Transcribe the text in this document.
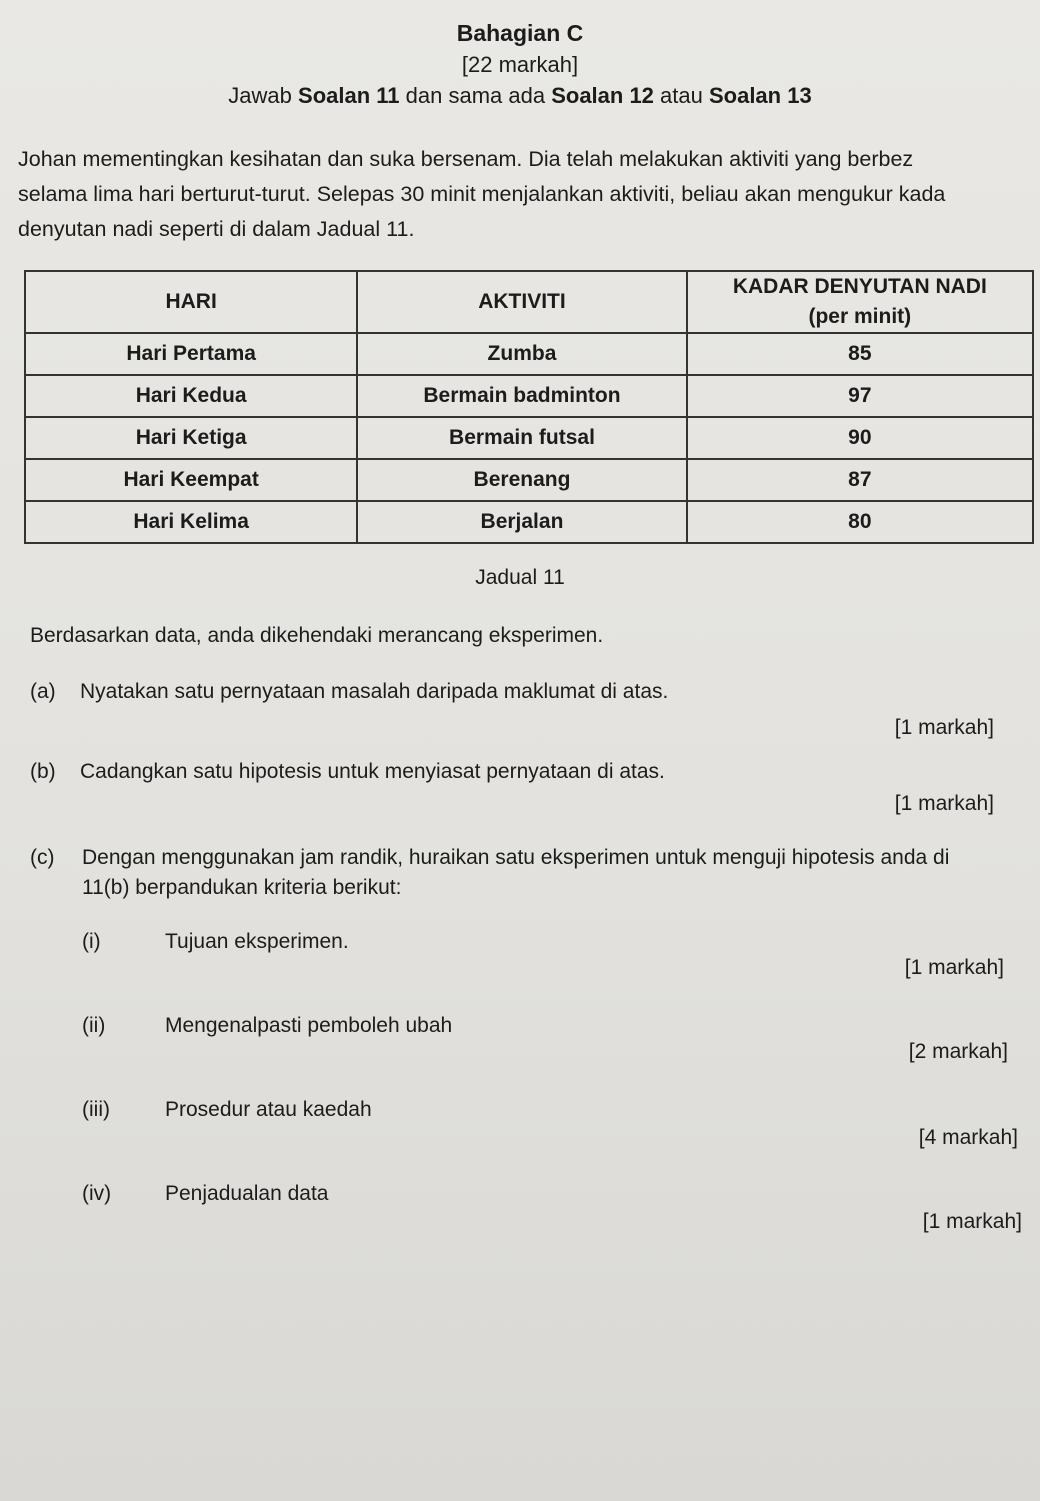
Bahagian C
[22 markah]
Jawab Soalan 11 dan sama ada Soalan 12 atau Soalan 13
Johan mementingkan kesihatan dan suka bersenam. Dia telah melakukan aktiviti yang berbez
selama lima hari berturut-turut. Selepas 30 minit menjalankan aktiviti, beliau akan mengukur kada
denyutan nadi seperti di dalam Jadual 11.
HARI	AKTIVITI	KADAR DENYUTAN NADI
(per minit)
Hari Pertama	Zumba	85
Hari Kedua	Bermain badminton	97
Hari Ketiga	Bermain futsal	90
Hari Keempat	Berenang	87
Hari Kelima	Berjalan	80
Jadual 11
Berdasarkan data, anda dikehendaki merancang eksperimen.
(a) Nyatakan satu pernyataan masalah daripada maklumat di atas.
[1 markah]
(b) Cadangkan satu hipotesis untuk menyiasat pernyataan di atas.
[1 markah]
(c) Dengan menggunakan jam randik, huraikan satu eksperimen untuk menguji hipotesis anda di
11(b) berpandukan kriteria berikut:
(i)	Tujuan eksperimen.
[1 markah]
(ii)	Mengenalpasti pemboleh ubah
[2 markah]
(iii)	Prosedur atau kaedah
[4 markah]
(iv)	Penjadualan data
[1 markah]
